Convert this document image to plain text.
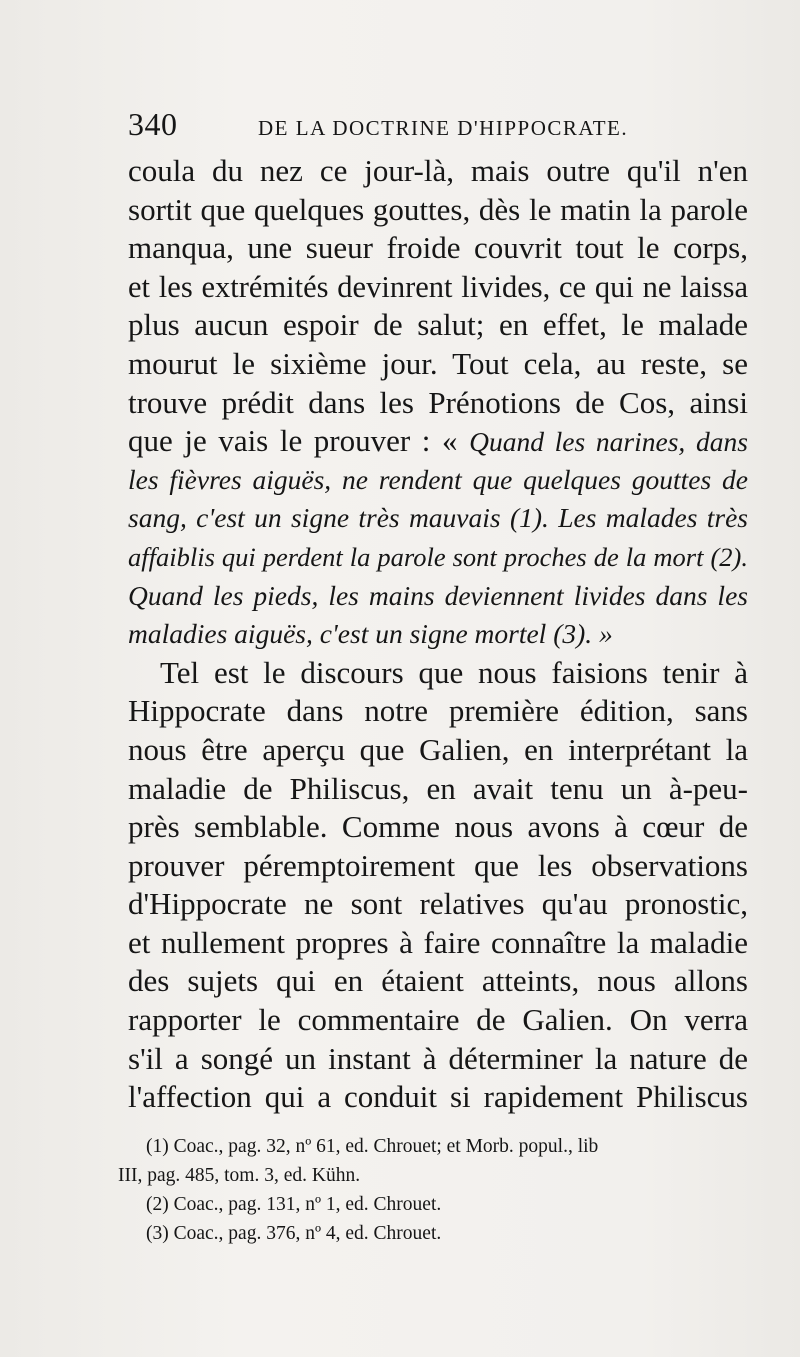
340	DE LA DOCTRINE D'HIPPOCRATE.
coula du nez ce jour-là, mais outre qu'il n'en
sortit que quelques gouttes, dès le matin la parole
manqua, une sueur froide couvrit tout le corps,
et les extrémités devinrent livides, ce qui ne laissa
plus aucun espoir de salut; en effet, le malade
mourut le sixième jour. Tout cela, au reste, se
trouve prédit dans les Prénotions de Cos, ainsi
que je vais le prouver : « Quand les narines, dans
les fièvres aiguës, ne rendent que quelques gouttes de
sang, c'est un signe très mauvais (1). Les malades très
affaiblis qui perdent la parole sont proches de la mort (2).
Quand les pieds, les mains deviennent livides dans les
maladies aiguës, c'est un signe mortel (3). »
Tel est le discours que nous faisions tenir à
Hippocrate dans notre première édition, sans
nous être aperçu que Galien, en interprétant la
maladie de Philiscus, en avait tenu un à-peu-
près semblable. Comme nous avons à cœur de
prouver péremptoirement que les observations
d'Hippocrate ne sont relatives qu'au pronostic,
et nullement propres à faire connaître la maladie
des sujets qui en étaient atteints, nous allons
rapporter le commentaire de Galien. On verra
s'il a songé un instant à déterminer la nature de
l'affection qui a conduit si rapidement Philiscus
(1) Coac., pag. 32, nº 61, ed. Chrouet; et Morb. popul., lib
III, pag. 485, tom. 3, ed. Kühn.
(2) Coac., pag. 131, nº 1, ed. Chrouet.
(3) Coac., pag. 376, nº 4, ed. Chrouet.
